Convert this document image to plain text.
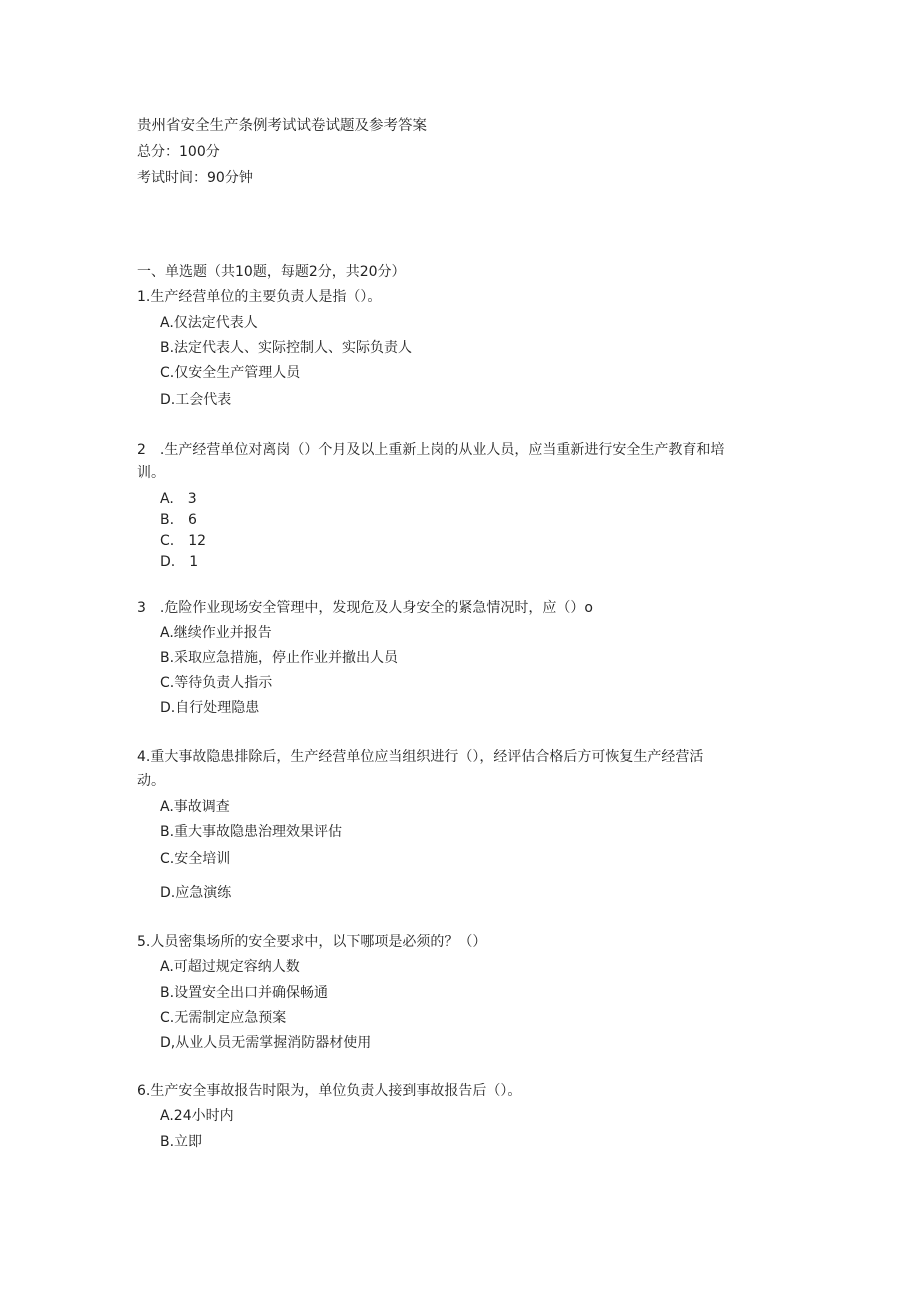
贵州省安全生产条例考试试卷试题及参考答案
总分：100分
考试时间：90分钟
一、单选题（共10题，每题2分，共20分）
1.生产经营单位的主要负责人是指（）。
A.仅法定代表人
B.法定代表人、实际控制人、实际负责人
C.仅安全生产管理人员
D.工会代表
2　.生产经营单位对离岗（）个月及以上重新上岗的从业人员，应当重新进行安全生产教育和培
训。
A.　3
B.　6
C.　12
D.　1
3　.危险作业现场安全管理中，发现危及人身安全的紧急情况时，应（）o
A.继续作业并报告
B.采取应急措施，停止作业并撤出人员
C.等待负责人指示
D.自行处理隐患
4.重大事故隐患排除后，生产经营单位应当组织进行（），经评估合格后方可恢复生产经营活
动。
A.事故调查
B.重大事故隐患治理效果评估
C.安全培训
D.应急演练
5.人员密集场所的安全要求中，以下哪项是必须的？（）
A.可超过规定容纳人数
B.设置安全出口并确保畅通
C.无需制定应急预案
D,从业人员无需掌握消防器材使用
6.生产安全事故报告时限为，单位负责人接到事故报告后（）。
A.24小时内
B.立即
